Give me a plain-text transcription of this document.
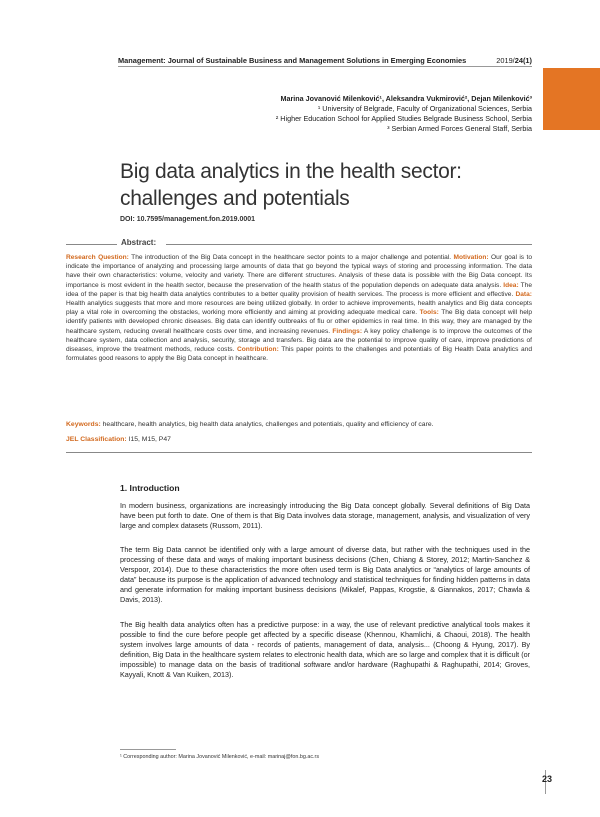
Management: Journal of Sustainable Business and Management Solutions in Emerging Economies	2019/24(1)
Marina Jovanović Milenković¹, Aleksandra Vukmirović², Dejan Milenković³
¹ University of Belgrade, Faculty of Organizational Sciences, Serbia
² Higher Education School for Applied Studies Belgrade Business School, Serbia
³ Serbian Armed Forces General Staff, Serbia
Big data analytics in the health sector:
challenges and potentials
DOI: 10.7595/management.fon.2019.0001
Abstract:
Research Question: The introduction of the Big Data concept in the healthcare sector points to a major challenge and potential. Motivation: Our goal is to indicate the importance of analyzing and processing large amounts of data that go beyond the typical ways of storing and processing information. The data have their own characteristics: volume, velocity and variety. There are different structures. Analysis of these data is possible with the Big Data concept. Its importance is most evident in the health sector, because the preservation of the health status of the population depends on adequate data analysis. Idea: The idea of the paper is that big health data analytics contributes to a better quality provision of health services. The process is more efficient and effective. Data: Health analytics suggests that more and more resources are being utilized globally. In order to achieve improvements, health analytics and Big data concepts play a vital role in overcoming the obstacles, working more efficiently and aiming at providing adequate medical care. Tools: The Big data concept will help identify patients with developed chronic diseases. Big data can identify outbreaks of flu or other epidemics in real time. In this way, they are managed by the healthcare system, reducing overall healthcare costs over time, and increasing revenues. Findings: A key policy challenge is to improve the outcomes of the healthcare system, data collection and analysis, security, storage and transfers. Big data are the potential to improve quality of care, improve predictions of diseases, improve the treatment methods, reduce costs. Contribution: This paper points to the challenges and potentials of Big Health Data analytics and formulates good reasons to apply the Big Data concept in healthcare.
Keywords: healthcare, health analytics, big health data analytics, challenges and potentials, quality and efficiency of care.
JEL Classification: I15, M15, P47
1. Introduction
In modern business, organizations are increasingly introducing the Big Data concept globally. Several definitions of Big Data have been put forth to date. One of them is that Big Data involves data storage, management, analysis, and visualization of very large and complex datasets (Russom, 2011).
The term Big Data cannot be identified only with a large amount of diverse data, but rather with the techniques used in the processing of these data and ways of making important business decisions (Chen, Chiang & Storey, 2012; Martin-Sanchez & Verspoor, 2014). Due to these characteristics the more often used term is Big Data analytics or “analytics of large amounts of data” because its purpose is the application of advanced technology and statistical techniques for finding hidden patterns in data and generate information for making important business decisions (Mikalef, Pappas, Krogstie, & Giannakos, 2017; Chawla & Davis, 2013).
The Big health data analytics often has a predictive purpose: in a way, the use of relevant predictive analytical tools makes it possible to find the cure before people get affected by a specific disease (Khennou, Khamlichi, & Chaoui, 2018). The health system involves large amounts of data - records of patients, management of data, analysis... (Choong & Hyung, 2017). By definition, Big Data in the healthcare system relates to electronic health data, which are so large and complex that it is difficult (or impossible) to manage data on the basis of traditional software and/or hardware (Raghupathi & Raghupathi, 2014; Groves, Kayyali, Knott & Van Kuiken, 2013).
¹ Corresponding author: Marina Jovanović Milenković, e-mail: marinaj@fon.bg.ac.rs
23
